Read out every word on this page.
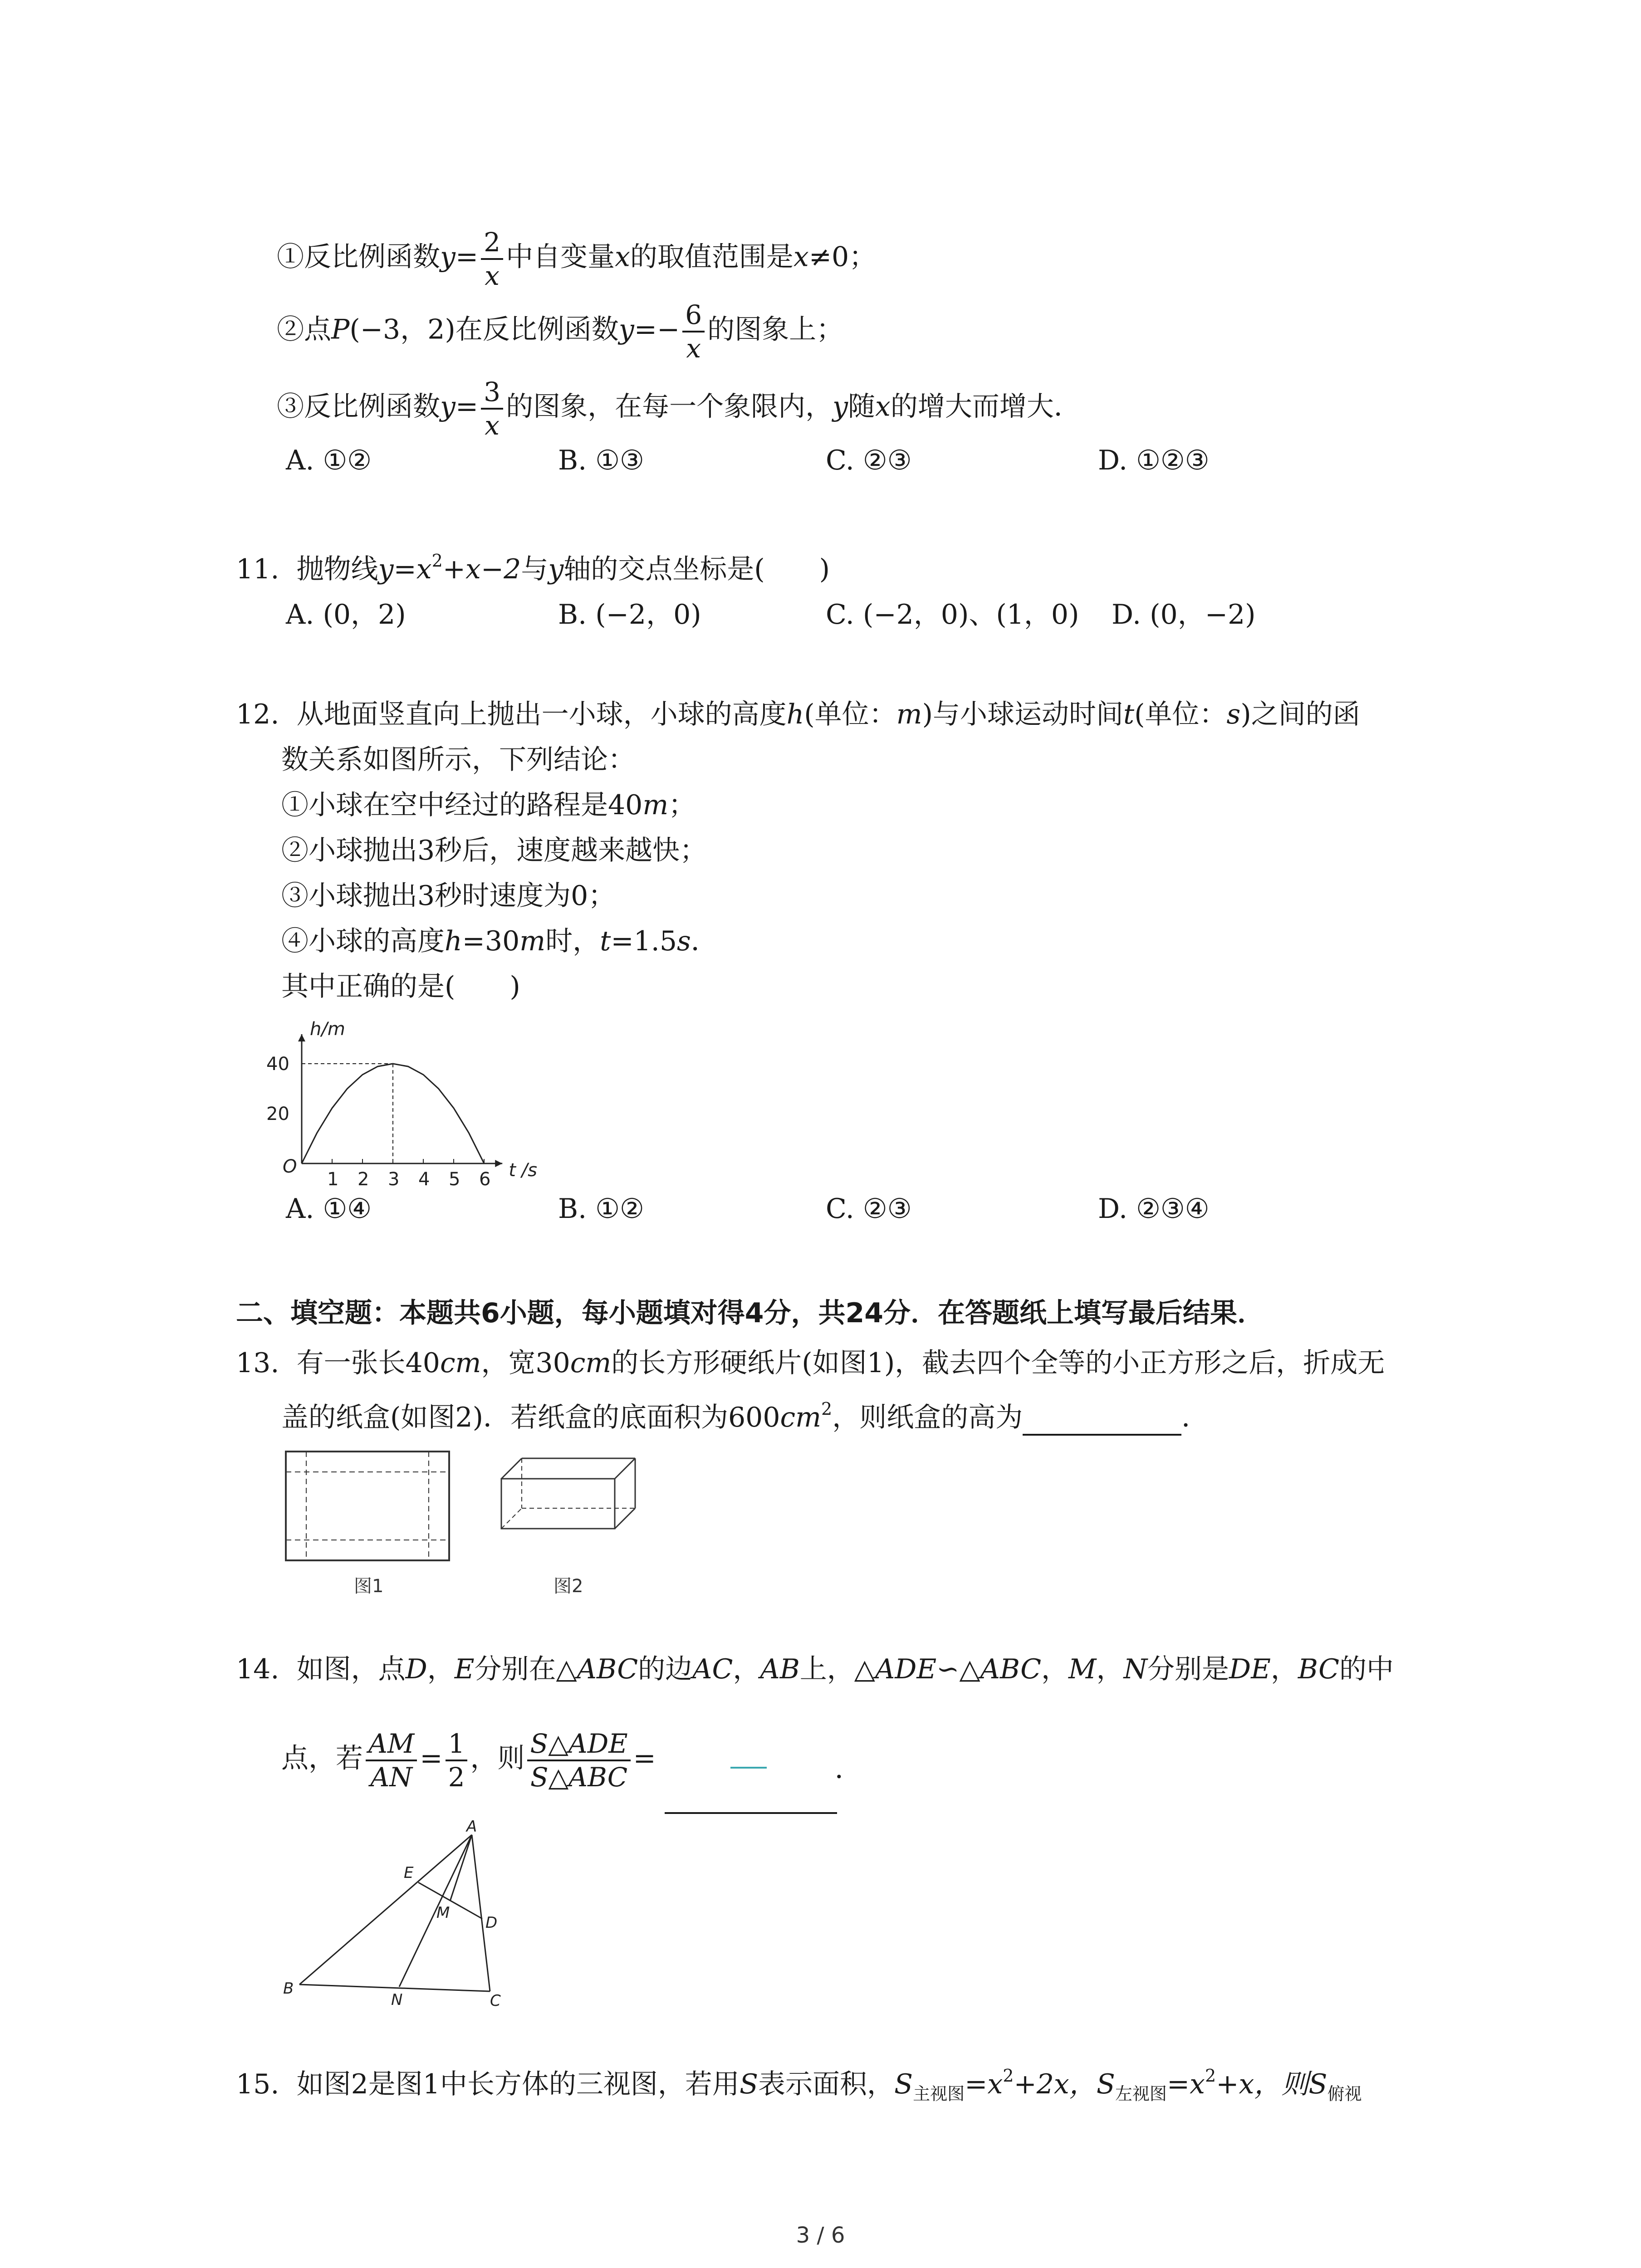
①反比例函数$y= \frac{2}{x}$ 中自变量x的取值范围是x≠0；
②点P(−3，2)在反比例函数$y=- \frac{6}{x}$ 的图象上；
③反比例函数$y= \frac{3}{x}$ 的图象，在每一个象限内，y随x的增大而增大．
A. ①②	B. ①③	C. ②③	D. ①②③
11. 抛物线$y=x^2+x-2$与y轴的交点坐标是(　　)
A. (0，2)	B. (−2，0)	C. (−2，0)、(1，0) D. (0，−2)
12. 从地面竖直向上抛出一小球，小球的高度h(单位：m)与小球运动时间t(单位：s)之间的函
数关系如图所示，下列结论：
①小球在空中经过的路程是40m；
②小球抛出3秒后，速度越来越快；
③小球抛出3秒时速度为0；
④小球的高度h=30m时，t=1.5s．
其中正确的是(　　)
h/m
t /s
O
1 2 3 4 5 6
20
40
A. ①④	B. ①②	C. ②③	D. ②③④
二、填空题：本题共6小题，每小题填对得4分，共24分．在答题纸上填写最后结果．
13. 有一张长40cm，宽30cm的长方形硬纸片(如图1)，截去四个全等的小正方形之后，折成无
盖的纸盒(如图2)．若纸盒的底面积为$600cm^2$，则纸盒的高为	．
图1	图2
14. 如图，点D，E分别在△ABC的边AC，AB上，△ADE∽△ABC，M，N分别是DE，BC的中
点，若 $\frac{AM}{AN} = \frac{1}{2}$ ，则 $\frac{\text{S△ADE}}{\text{S△ABC}}$ =	．
A
B
C
D
E
M
N
15. 如图2是图1中长方体的三视图，若用S表示面积，$S_{主视图}=x^2+2x$，$S_{左视图}=x^2+x$，则$S_{俯视}$
3 / 6
